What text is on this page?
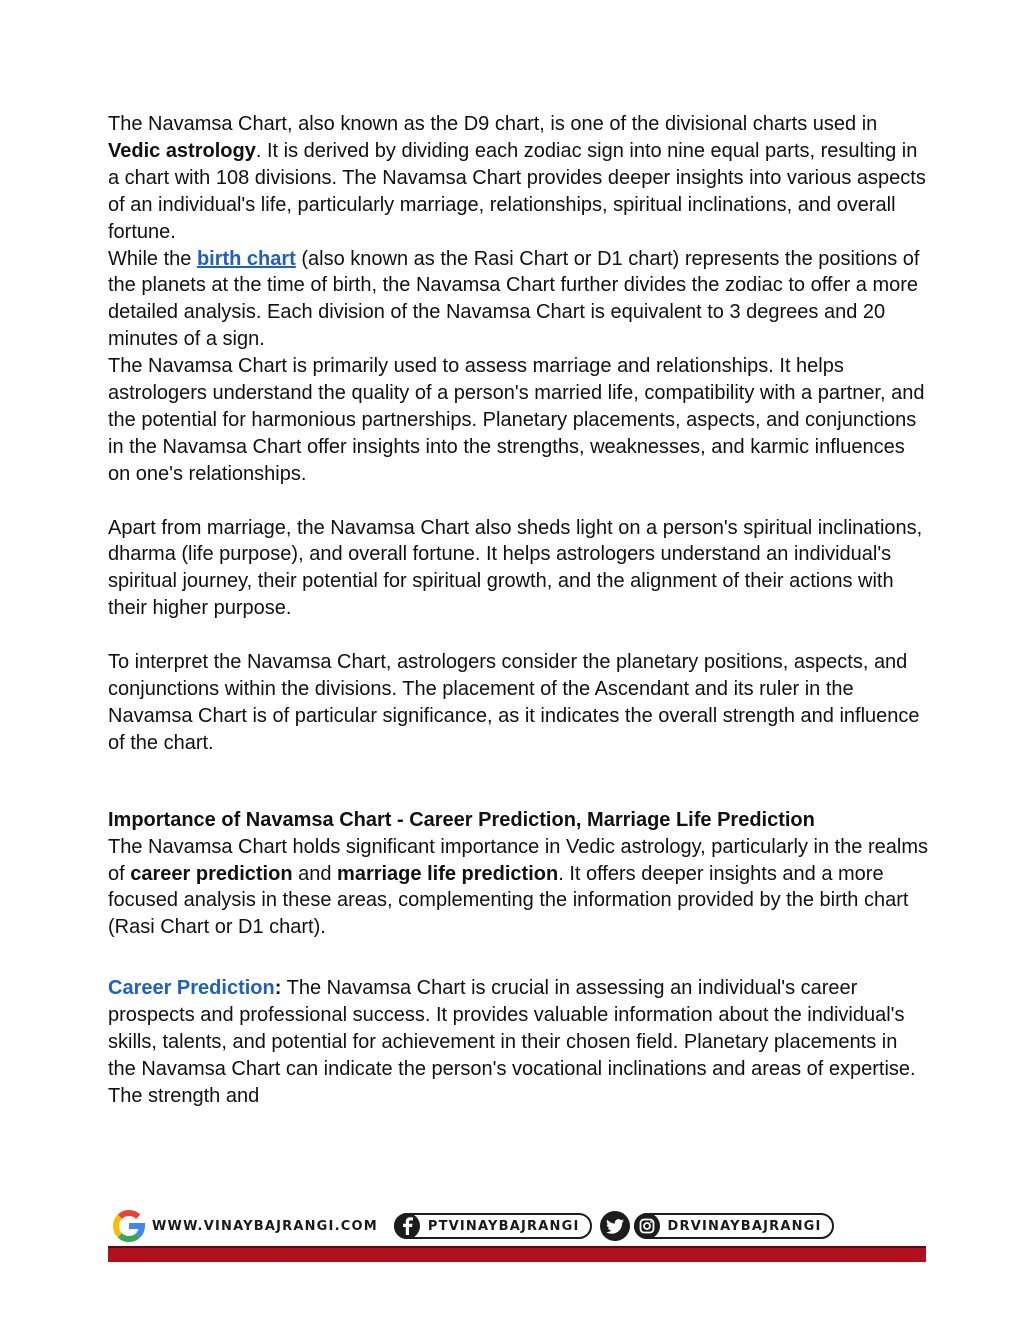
The Navamsa Chart, also known as the D9 chart, is one of the divisional charts used in Vedic astrology. It is derived by dividing each zodiac sign into nine equal parts, resulting in a chart with 108 divisions. The Navamsa Chart provides deeper insights into various aspects of an individual's life, particularly marriage, relationships, spiritual inclinations, and overall fortune.

While the birth chart (also known as the Rasi Chart or D1 chart) represents the positions of the planets at the time of birth, the Navamsa Chart further divides the zodiac to offer a more detailed analysis. Each division of the Navamsa Chart is equivalent to 3 degrees and 20 minutes of a sign.

The Navamsa Chart is primarily used to assess marriage and relationships. It helps astrologers understand the quality of a person's married life, compatibility with a partner, and the potential for harmonious partnerships. Planetary placements, aspects, and conjunctions in the Navamsa Chart offer insights into the strengths, weaknesses, and karmic influences on one's relationships.

Apart from marriage, the Navamsa Chart also sheds light on a person's spiritual inclinations, dharma (life purpose), and overall fortune. It helps astrologers understand an individual's spiritual journey, their potential for spiritual growth, and the alignment of their actions with their higher purpose.

To interpret the Navamsa Chart, astrologers consider the planetary positions, aspects, and conjunctions within the divisions. The placement of the Ascendant and its ruler in the Navamsa Chart is of particular significance, as it indicates the overall strength and influence of the chart.

Importance of Navamsa Chart - Career Prediction, Marriage Life Prediction

The Navamsa Chart holds significant importance in Vedic astrology, particularly in the realms of career prediction and marriage life prediction. It offers deeper insights and a more focused analysis in these areas, complementing the information provided by the birth chart (Rasi Chart or D1 chart).

Career Prediction: The Navamsa Chart is crucial in assessing an individual's career prospects and professional success. It provides valuable information about the individual's skills, talents, and potential for achievement in their chosen field. Planetary placements in the Navamsa Chart can indicate the person's vocational inclinations and areas of expertise. The strength and

WWW.VINAYBAJRANGI.COM	PTVINAYBAJRANGI	DRVINAYBAJRANGI
